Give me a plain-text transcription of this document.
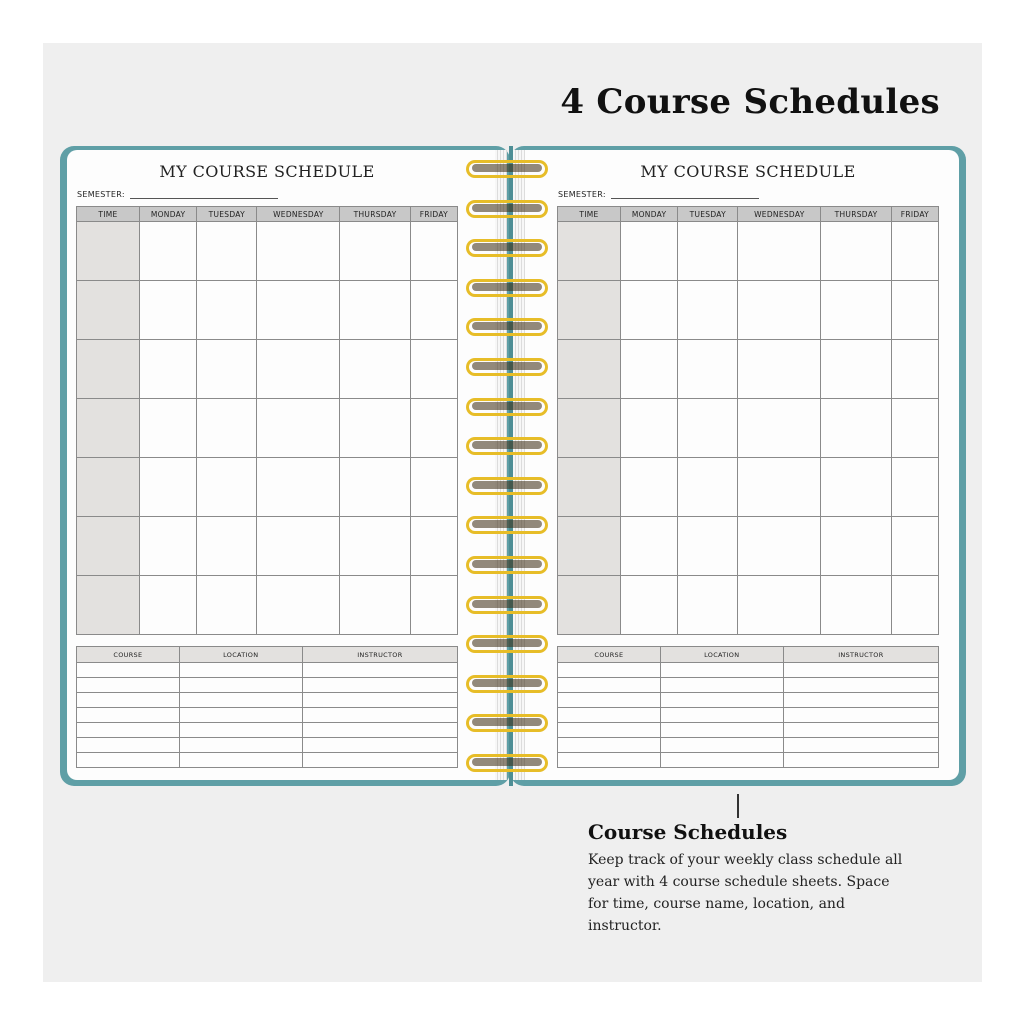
4 Course Schedules
MY COURSE SCHEDULE
SEMESTER:
TIME	MONDAY	TUESDAY	WEDNESDAY	THURSDAY	FRIDAY

COURSE	LOCATION	INSTRUCTOR

MY COURSE SCHEDULE
SEMESTER:
TIME	MONDAY	TUESDAY	WEDNESDAY	THURSDAY	FRIDAY

COURSE	LOCATION	INSTRUCTOR

Course Schedules
Keep track of your weekly class schedule all year with 4 course schedule sheets. Space for time, course name, location, and instructor.
